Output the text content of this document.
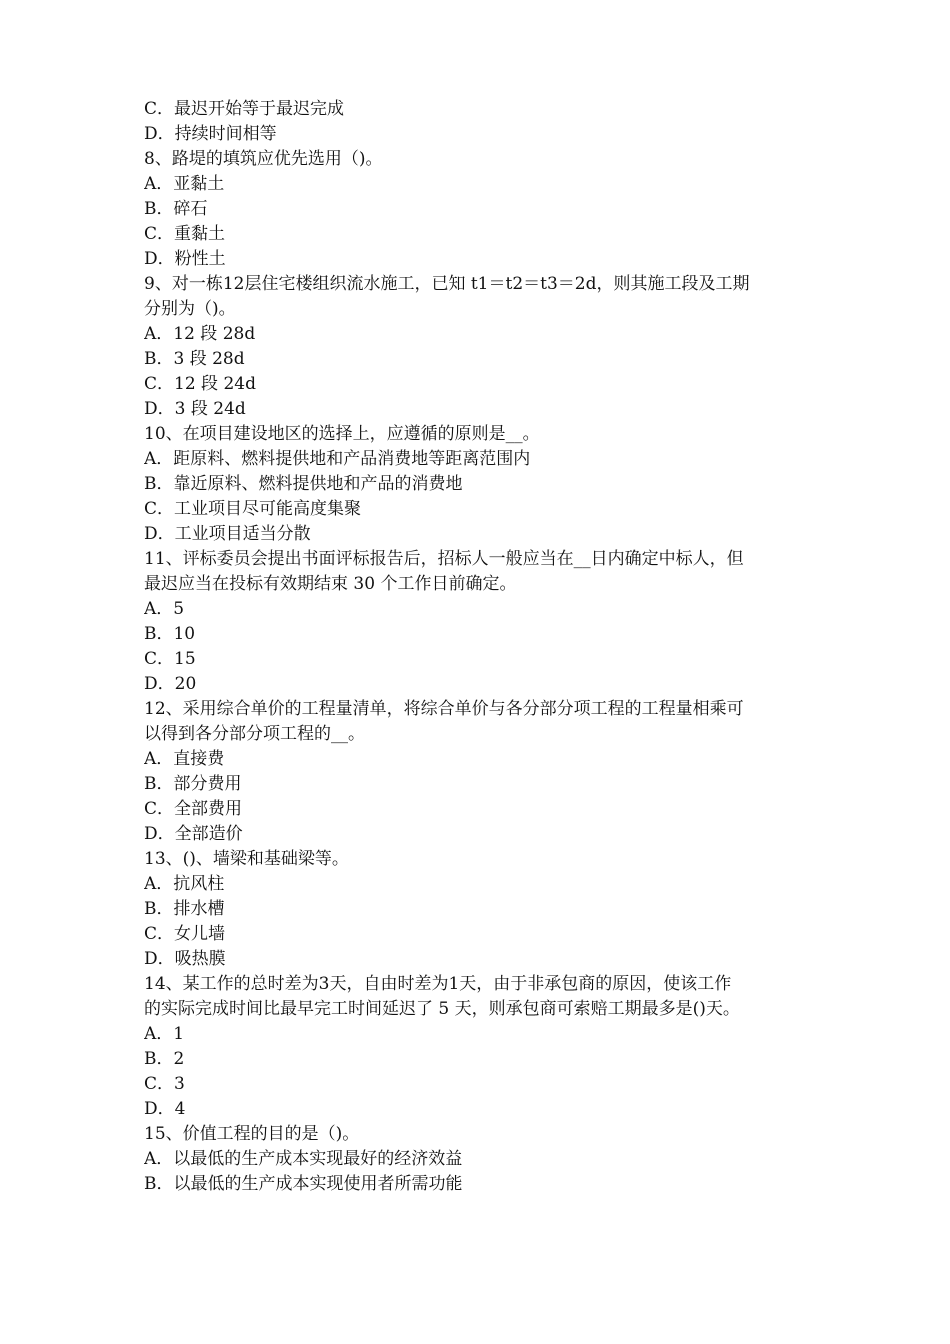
C．最迟开始等于最迟完成
D．持续时间相等
8、路堤的填筑应优先选用（)。
A．亚黏土
B．碎石
C．重黏土
D．粉性土
9、对一栋12层住宅楼组织流水施工，已知 t1＝t2＝t3＝2d，则其施工段及工期
分别为（)。
A．12 段 28d
B．3 段 28d
C．12 段 24d
D．3 段 24d
10、在项目建设地区的选择上，应遵循的原则是__。
A．距原料、燃料提供地和产品消费地等距离范围内
B．靠近原料、燃料提供地和产品的消费地
C．工业项目尽可能高度集聚
D．工业项目适当分散
11、评标委员会提出书面评标报告后，招标人一般应当在__日内确定中标人，但
最迟应当在投标有效期结束 30 个工作日前确定。
A．5
B．10
C．15
D．20
12、采用综合单价的工程量清单，将综合单价与各分部分项工程的工程量相乘可
以得到各分部分项工程的__。
A．直接费
B．部分费用
C．全部费用
D．全部造价
13、()、墙梁和基础梁等。
A．抗风柱
B．排水槽
C．女儿墙
D．吸热膜
14、某工作的总时差为3天，自由时差为1天，由于非承包商的原因，使该工作
的实际完成时间比最早完工时间延迟了 5 天，则承包商可索赔工期最多是()天。
A．1
B．2
C．3
D．4
15、价值工程的目的是（)。
A．以最低的生产成本实现最好的经济效益
B．以最低的生产成本实现使用者所需功能
